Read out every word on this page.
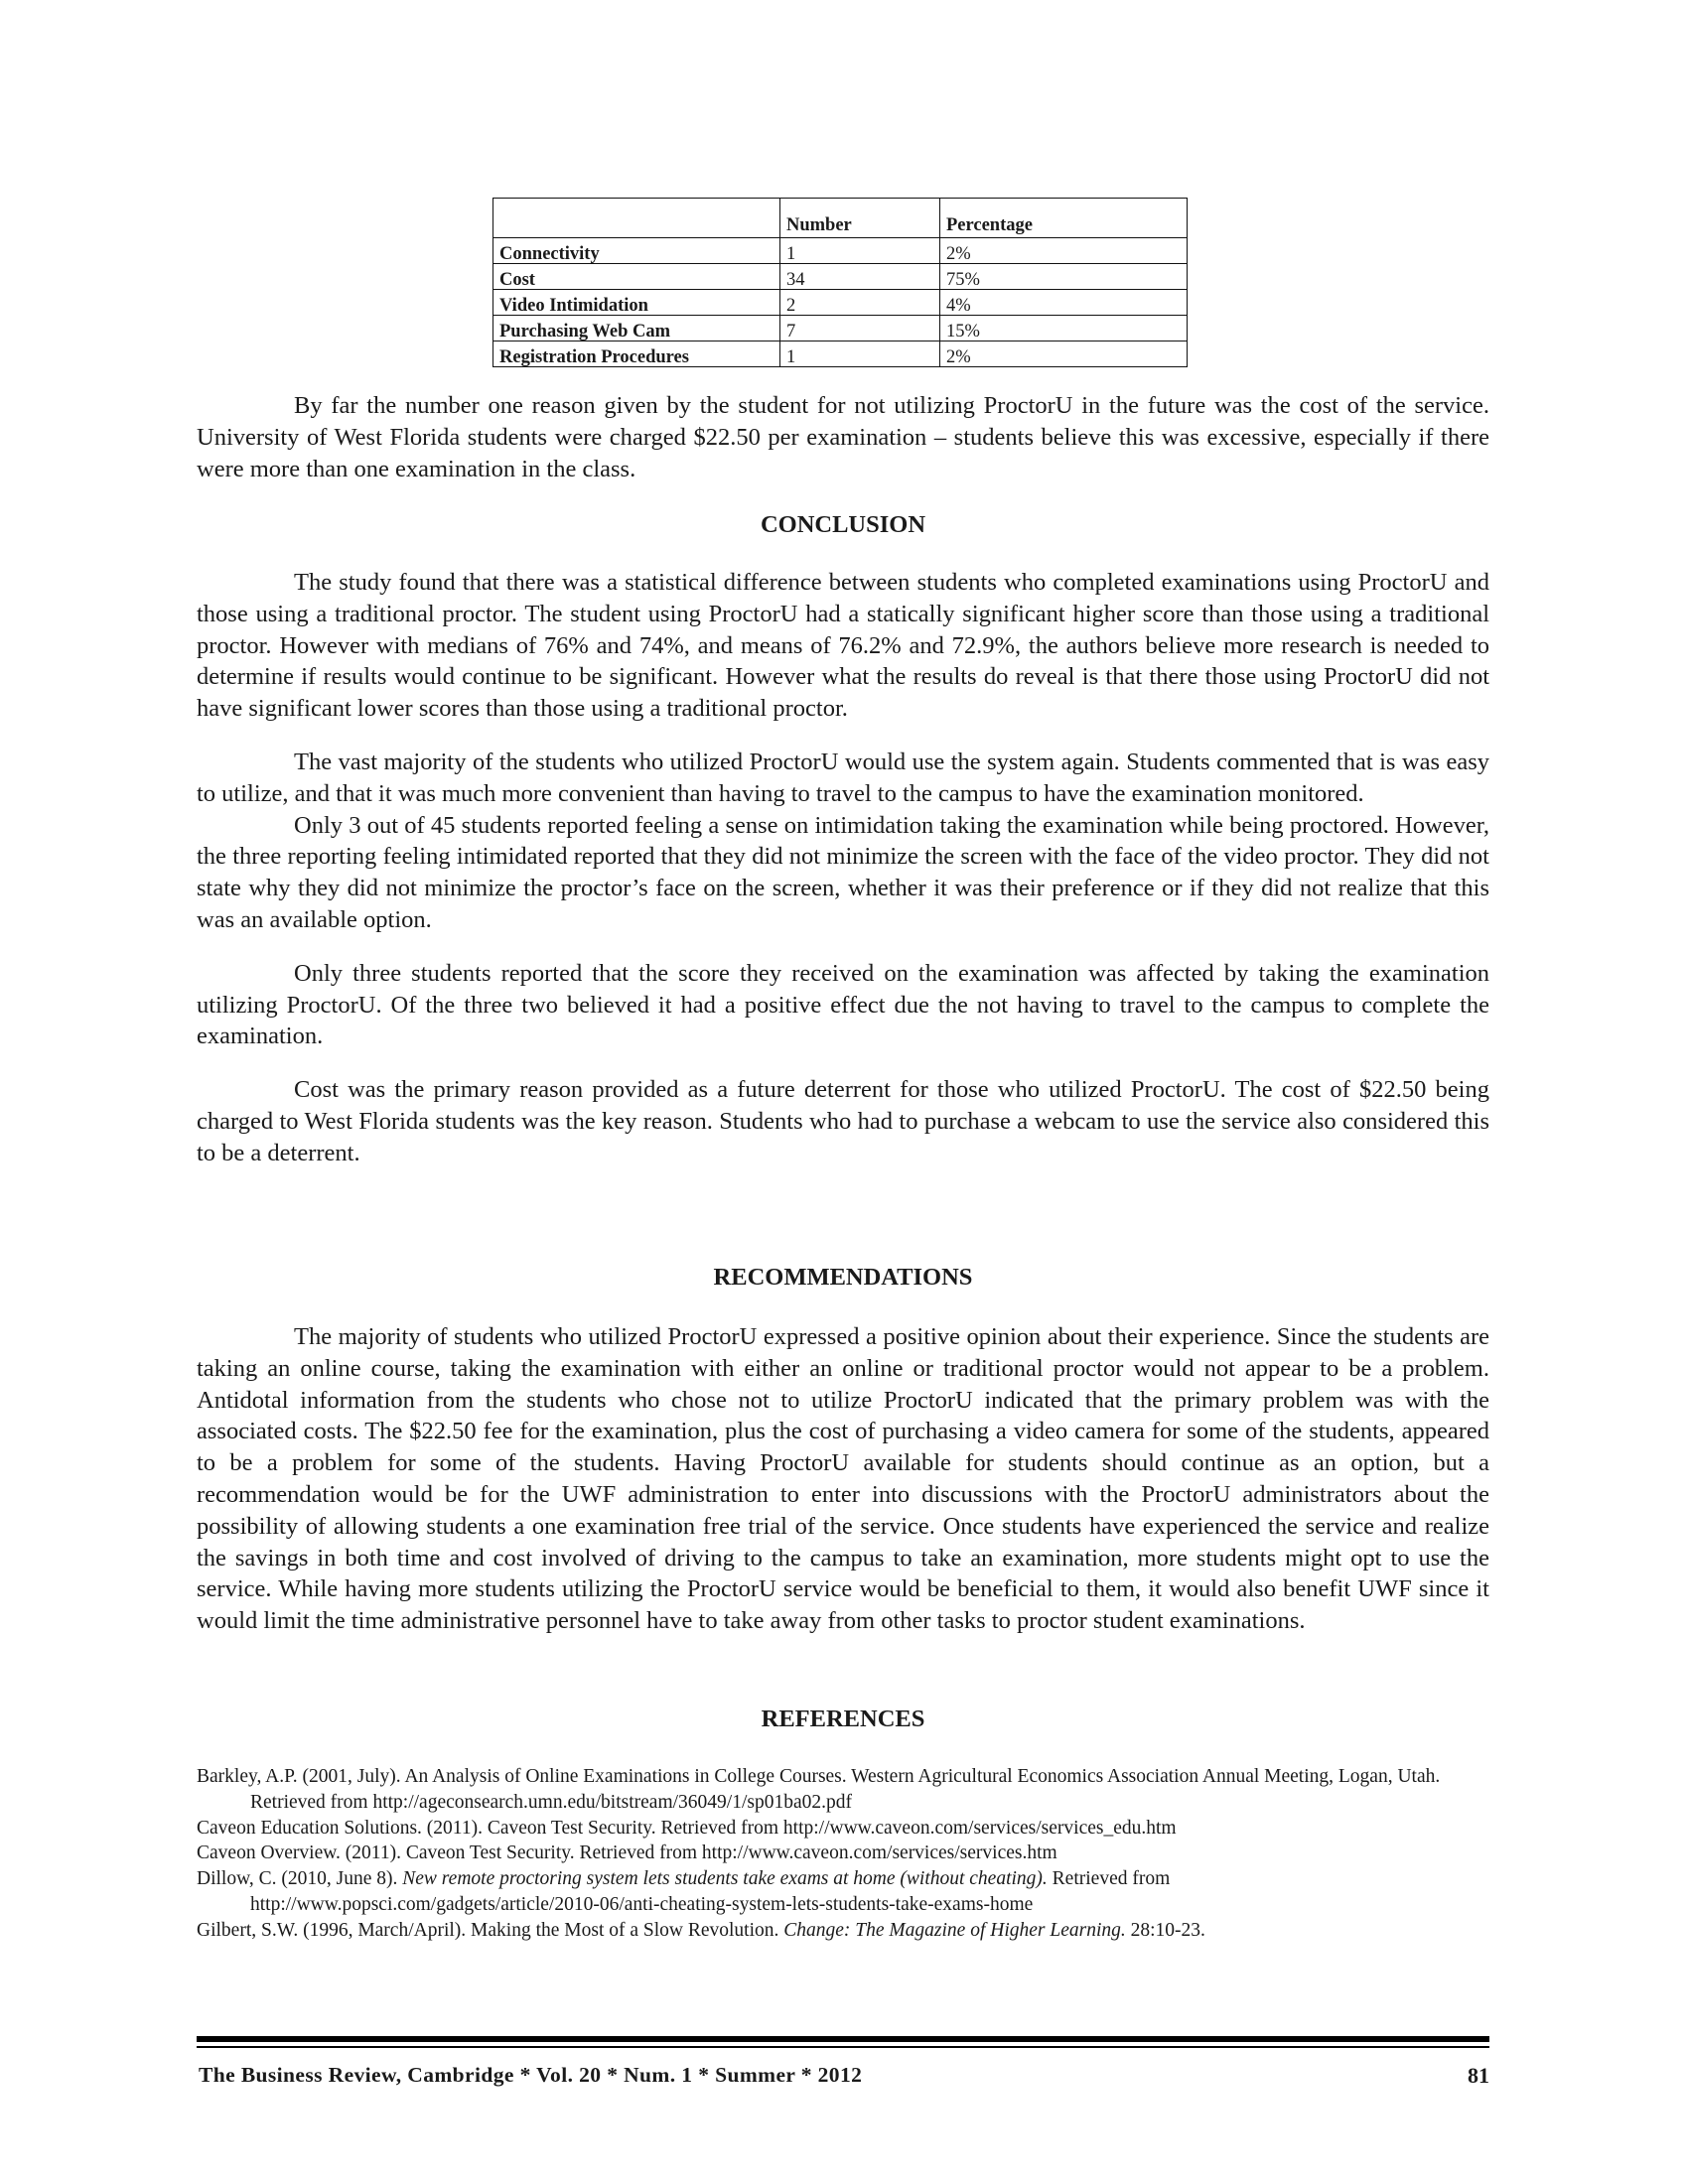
	Number	Percentage
Connectivity	1	2%
Cost	34	75%
Video Intimidation	2	4%
Purchasing Web Cam	7	15%
Registration Procedures	1	2%

By far the number one reason given by the student for not utilizing ProctorU in the future was the cost of the service. University of West Florida students were charged $22.50 per examination – students believe this was excessive, especially if there were more than one examination in the class.

CONCLUSION

The study found that there was a statistical difference between students who completed examinations using ProctorU and those using a traditional proctor. The student using ProctorU had a statically significant higher score than those using a traditional proctor. However with medians of 76% and 74%, and means of 76.2% and 72.9%, the authors believe more research is needed to determine if results would continue to be significant. However what the results do reveal is that there those using ProctorU did not have significant lower scores than those using a traditional proctor.

The vast majority of the students who utilized ProctorU would use the system again. Students commented that is was easy to utilize, and that it was much more convenient than having to travel to the campus to have the examination monitored.

Only 3 out of 45 students reported feeling a sense on intimidation taking the examination while being proctored. However, the three reporting feeling intimidated reported that they did not minimize the screen with the face of the video proctor. They did not state why they did not minimize the proctor’s face on the screen, whether it was their preference or if they did not realize that this was an available option.

Only three students reported that the score they received on the examination was affected by taking the examination utilizing ProctorU. Of the three two believed it had a positive effect due the not having to travel to the campus to complete the examination.

Cost was the primary reason provided as a future deterrent for those who utilized ProctorU. The cost of $22.50 being charged to West Florida students was the key reason. Students who had to purchase a webcam to use the service also considered this to be a deterrent.

RECOMMENDATIONS

The majority of students who utilized ProctorU expressed a positive opinion about their experience. Since the students are taking an online course, taking the examination with either an online or traditional proctor would not appear to be a problem. Antidotal information from the students who chose not to utilize ProctorU indicated that the primary problem was with the associated costs. The $22.50 fee for the examination, plus the cost of purchasing a video camera for some of the students, appeared to be a problem for some of the students. Having ProctorU available for students should continue as an option, but a recommendation would be for the UWF administration to enter into discussions with the ProctorU administrators about the possibility of allowing students a one examination free trial of the service. Once students have experienced the service and realize the savings in both time and cost involved of driving to the campus to take an examination, more students might opt to use the service. While having more students utilizing the ProctorU service would be beneficial to them, it would also benefit UWF since it would limit the time administrative personnel have to take away from other tasks to proctor student examinations.

REFERENCES
Barkley, A.P. (2001, July). An Analysis of Online Examinations in College Courses. Western Agricultural Economics Association Annual Meeting, Logan, Utah. Retrieved from http://ageconsearch.umn.edu/bitstream/36049/1/sp01ba02.pdf
Caveon Education Solutions. (2011). Caveon Test Security. Retrieved from http://www.caveon.com/services/services_edu.htm
Caveon Overview. (2011). Caveon Test Security. Retrieved from http://www.caveon.com/services/services.htm
Dillow, C. (2010, June 8). New remote proctoring system lets students take exams at home (without cheating). Retrieved from http://www.popsci.com/gadgets/article/2010-06/anti-cheating-system-lets-students-take-exams-home
Gilbert, S.W. (1996, March/April). Making the Most of a Slow Revolution. Change: The Magazine of Higher Learning. 28:10-23.
The Business Review, Cambridge * Vol. 20 * Num. 1 * Summer * 2012	81
